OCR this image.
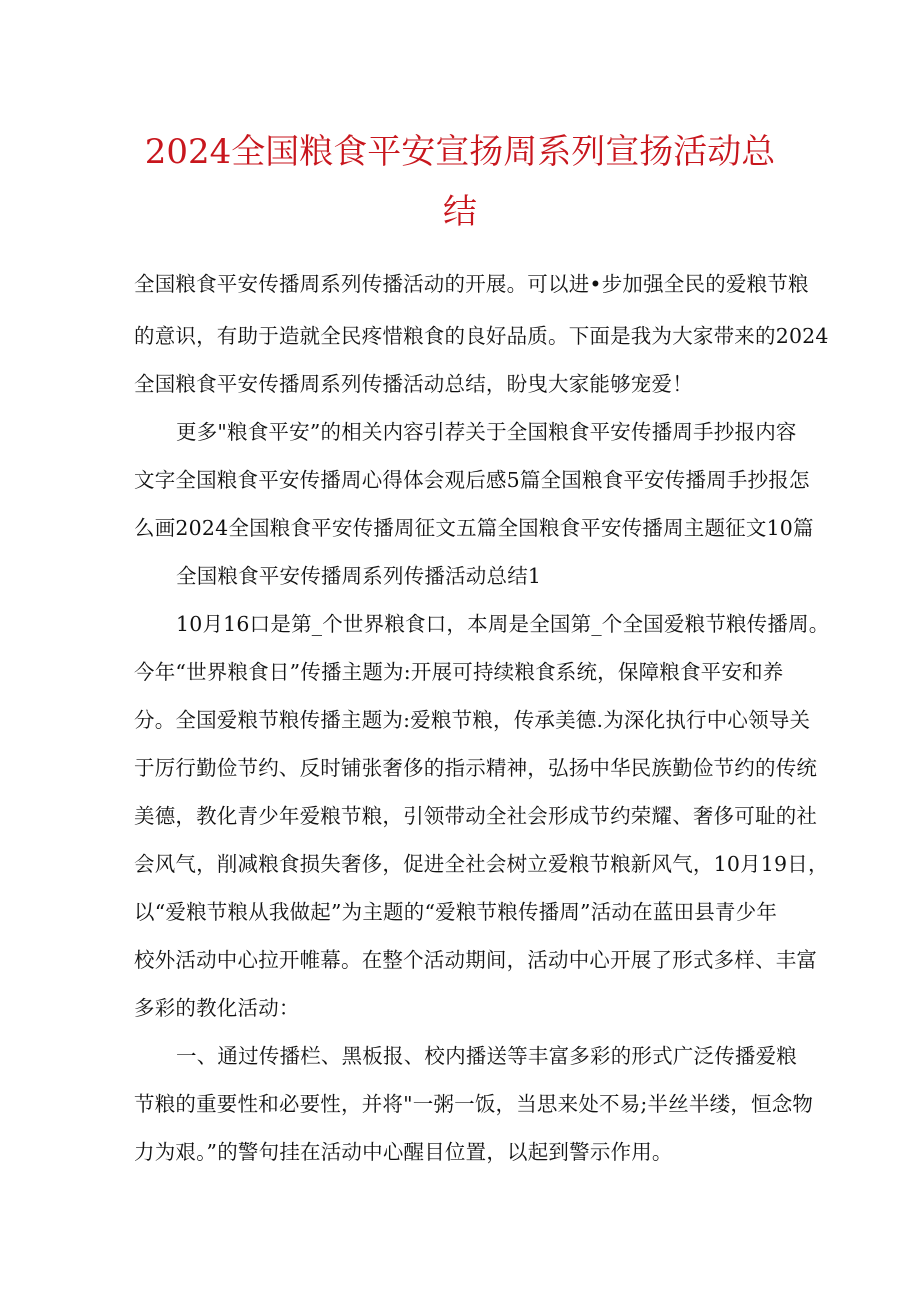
2024全国粮食平安宣扬周系列宣扬活动总
结

全国粮食平安传播周系列传播活动的开展。可以进•步加强全民的爱粮节粮

的意识，有助于造就全民疼惜粮食的良好品质。下面是我为大家带来的2024

全国粮食平安传播周系列传播活动总结，盼曳大家能够宠爱！

更多"粮食平安”的相关内容引荐关于全国粮食平安传播周手抄报内容

文字全国粮食平安传播周心得体会观后感5篇全国粮食平安传播周手抄报怎

么画2024全国粮食平安传播周征文五篇全国粮食平安传播周主题征文10篇

全国粮食平安传播周系列传播活动总结1

10月16口是第_个世界粮食口，本周是全国第_个全国爱粮节粮传播周。

今年“世界粮食日”传播主题为:开展可持续粮食系统，保障粮食平安和养

分。全国爱粮节粮传播主题为:爱粮节粮，传承美德.为深化执行中心领导关

于厉行勤俭节约、反时铺张奢侈的指示精神，弘扬中华民族勤俭节约的传统

美德，教化青少年爱粮节粮，引领带动全社会形成节约荣耀、奢侈可耻的社

会风气，削减粮食损失奢侈，促进全社会树立爱粮节粮新风气，10月19日，

以“爱粮节粮从我做起”为主题的“爱粮节粮传播周”活动在蓝田县青少年

校外活动中心拉开帷幕。在整个活动期间，活动中心开展了形式多样、丰富

多彩的教化活动：

一、通过传播栏、黑板报、校内播送等丰富多彩的形式广泛传播爱粮

节粮的重要性和必要性，并将"一粥一饭，当思来处不易;半丝半缕，恒念物

力为艰。”的警句挂在活动中心醒目位置，以起到警示作用。
